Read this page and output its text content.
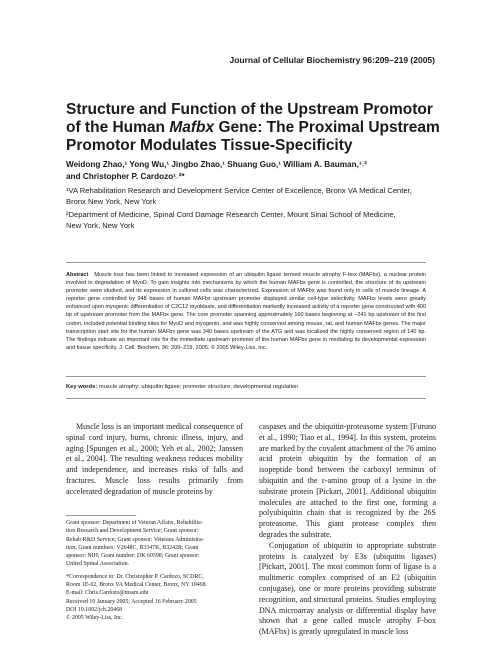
Journal of Cellular Biochemistry 96:209–219 (2005)
Structure and Function of the Upstream Promotor of the Human Mafbx Gene: The Proximal Upstream Promotor Modulates Tissue-Specificity
Weidong Zhao,¹ Yong Wu,¹ Jingbo Zhao,¹ Shuang Guo,¹ William A. Bauman,¹˒²
and Christopher P. Cardozo¹˒²*
¹VA Rehabilitation Research and Development Service Center of Excellence, Bronx VA Medical Center,
Bronx New York, New York
²Department of Medicine, Spinal Cord Damage Research Center, Mount Sinai School of Medicine,
New York, New York
Abstract Muscle loss has been linked to increased expression of an ubiquitin ligase termed muscle atrophy F-box (MAFbx), a nuclear protein involved in degradation of MyoD. To gain insights into mechanisms by which the human MAFbx gene is controlled, the structure of its upstream promoter were studied, and its expression in cultured cells was characterized. Expression of MAFbx was found only in cells of muscle lineage. A reporter gene controlled by 948 bases of human MAFbx upstream promoter displayed similar cell-type selectivity. MAFbx levels were greatly enhanced upon myogenic differentiation of C2C12 myoblasts, and differentiation markedly increased activity of a reporter gene constructed with 400 bp of upstream promoter from the MAFbx gene. The core promoter spanning approximately 160 bases beginning at −241 bp upstream of the first codon, included potential binding sites for MyoD and myogenin, and was highly conserved among mouse, rat, and human MAFbx genes. The major transcription start site for the human MAFbx gene was 340 bases upstream of the ATG and was localized the highly conserved region of 140 bp. The findings indicate an important role for the immediate upstream promoter of the human MAFbx gene in mediating its developmental expression and tissue specificity. J. Cell. Biochem. 96: 209–219, 2005. © 2005 Wiley-Liss, Inc.
Key words: muscle atrophy; ubiquitin ligase; promoter structure; developmental regulation

Muscle loss is an important medical consequence of spinal cord injury, burns, chronic illness, injury, and aging [Spungen et al., 2000; Yeh et al., 2002; Janssen et al., 2004]. The resulting weakness reduces mobility and independence, and increases risks of falls and fractures. Muscle loss results primarily from accelerated degradation of muscle proteins by

caspases and the ubiquitin-proteasome system [Furuno et al., 1990; Tiao et al., 1994]. In this system, proteins are marked by the covalent attachment of the 76 amino acid protein ubiquitin by the formation of an isopeptide bond between the carboxyl terminus of ubiquitin and the ε-amino group of a lysine in the substrate protein [Pickart, 2001]. Additional ubiquitin molecules are attached to the first one, forming a polyubiquitin chain that is recognized by the 26S proteasome. This giant protease complex then degrades the substrate.

Conjugation of ubiquitin to appropriate substrate proteins is catalyzed by E3s (ubiquitin ligases) [Pickart, 2001]. The most common form of ligase is a multimeric complex comprised of an E2 (ubiquitin conjugase), one or more proteins providing substrate recognition, and structural proteins. Studies employing DNA microarray analysis or differential display have shown that a gene called muscle atrophy F-box (MAFbx) is greatly upregulated in muscle loss

Grant sponsor: Department of Veteran Affairs, Rehabilita-
tion Research and Development Service; Grant sponsor:
Rehab R&D Service; Grant sponsor: Veterans Administra-
tion; Grant numbers: V2648C, B3347K, B3242R; Grant
sponsor: NIH; Grant number: DK 60598; Grant sponsor:
United Spinal Association.
*Correspondence to: Dr. Christopher P. Cardozo, SCDRC,
Room 1E-02, Bronx VA Medical Center, Bronx, NY 10468.
E-mail: Chris.Cardozo@mssm.edu
Received 10 January 2005; Accepted 16 February 2005
DOI 10.1002/jcb.20468
© 2005 Wiley-Liss, Inc.
